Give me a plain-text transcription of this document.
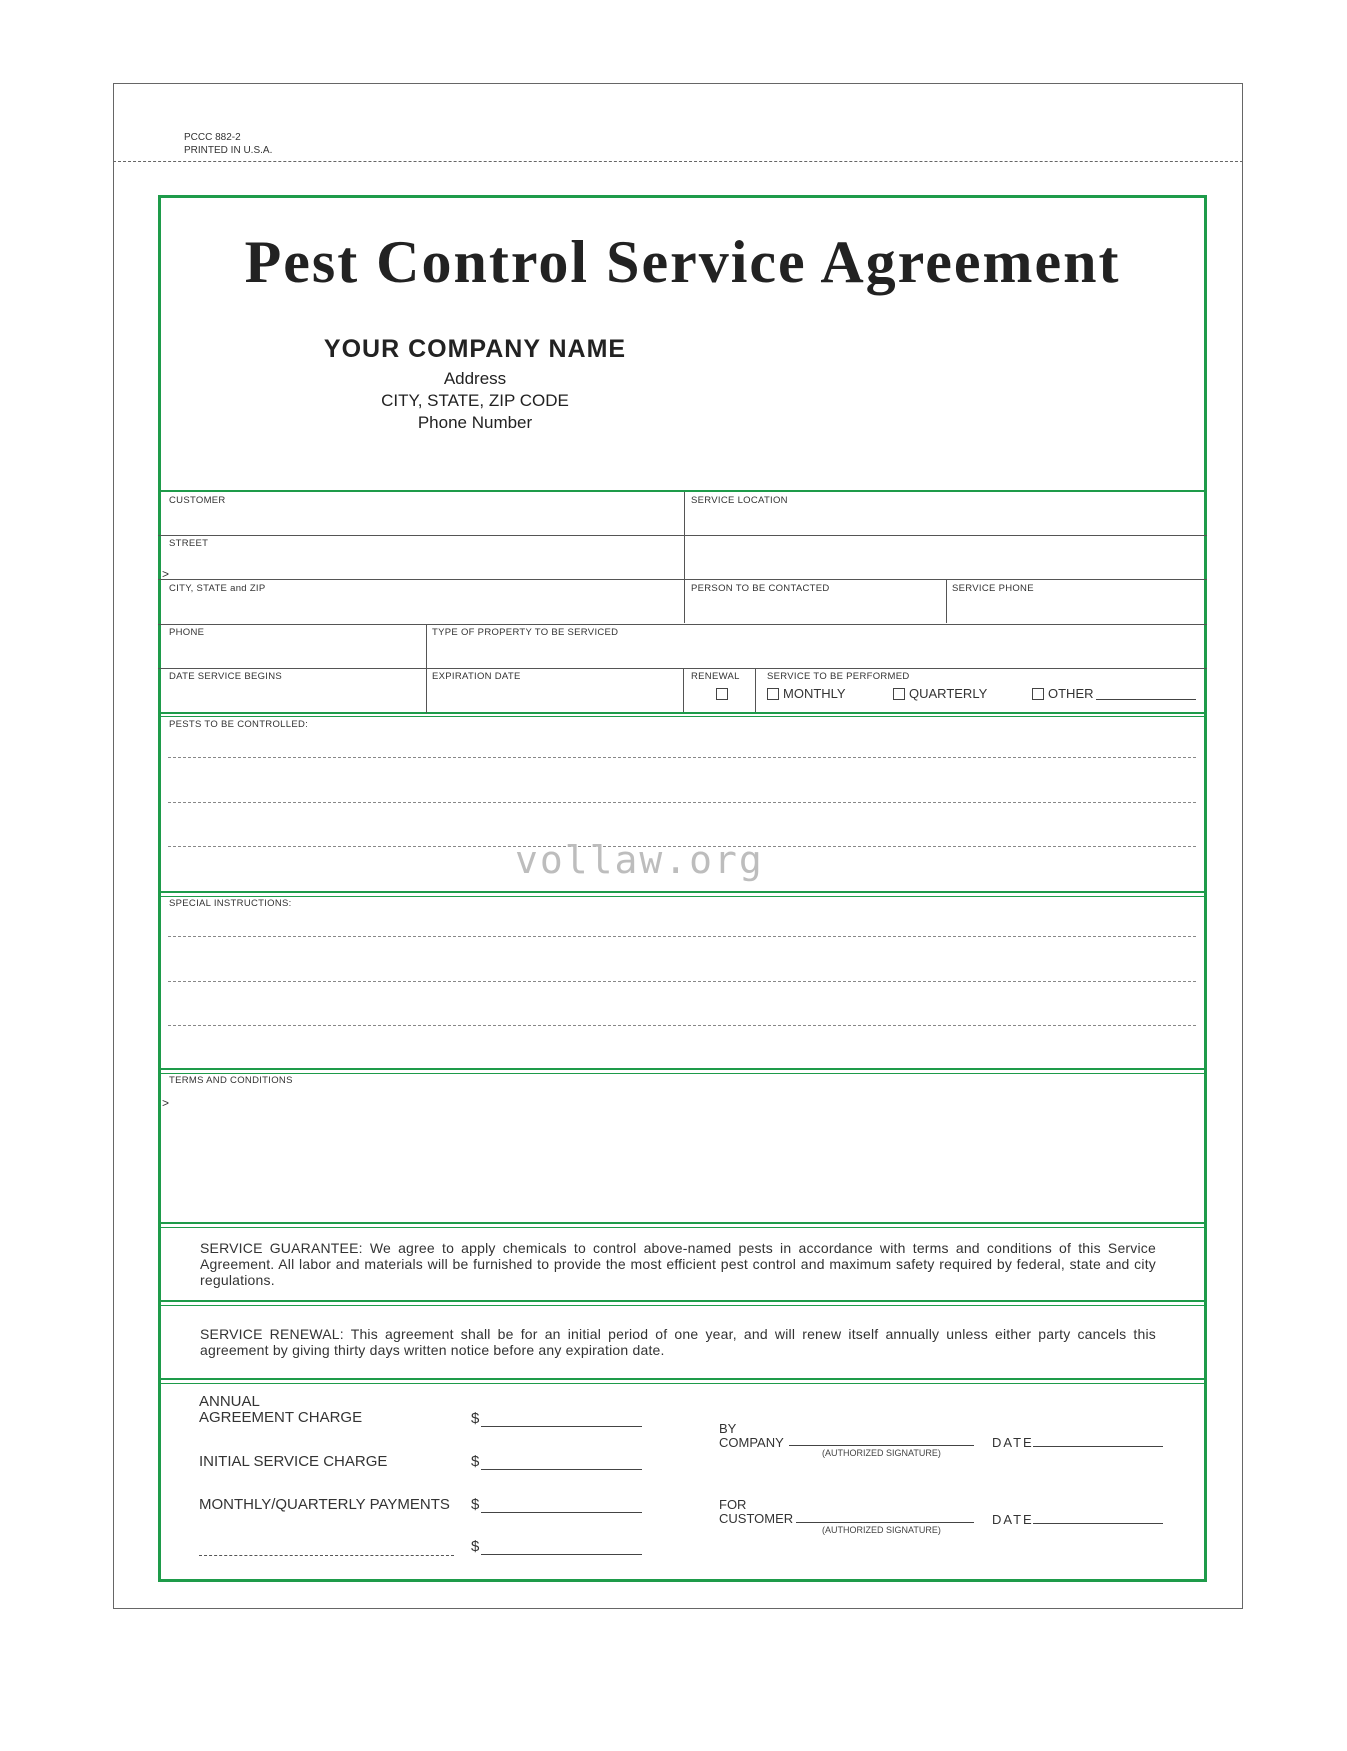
PCCC 882-2
PRINTED IN U.S.A.
Pest Control Service Agreement
YOUR COMPANY NAME
Address
CITY, STATE, ZIP CODE
Phone Number
CUSTOMER	SERVICE LOCATION
STREET
>
CITY, STATE and ZIP	PERSON TO BE CONTACTED	SERVICE PHONE
PHONE	TYPE OF PROPERTY TO BE SERVICED
DATE SERVICE BEGINS	EXPIRATION DATE	RENEWAL	SERVICE TO BE PERFORMED
MONTHLY	QUARTERLY	OTHER
PESTS TO BE CONTROLLED:
vollaw.org
SPECIAL INSTRUCTIONS:
TERMS AND CONDITIONS
>
SERVICE GUARANTEE: We agree to apply chemicals to control above-named pests in accordance with terms and conditions of this Service Agreement. All labor and materials will be furnished to provide the most efficient pest control and maximum safety required by federal, state and city regulations.
SERVICE RENEWAL: This agreement shall be for an initial period of one year, and will renew itself annually unless either party cancels this agreement by giving thirty days written notice before any expiration date.
ANNUAL
AGREEMENT CHARGE	$
INITIAL SERVICE CHARGE	$
MONTHLY/QUARTERLY PAYMENTS $
$
BY
COMPANY
(AUTHORIZED SIGNATURE)
DATE
FOR
CUSTOMER
(AUTHORIZED SIGNATURE)
DATE
